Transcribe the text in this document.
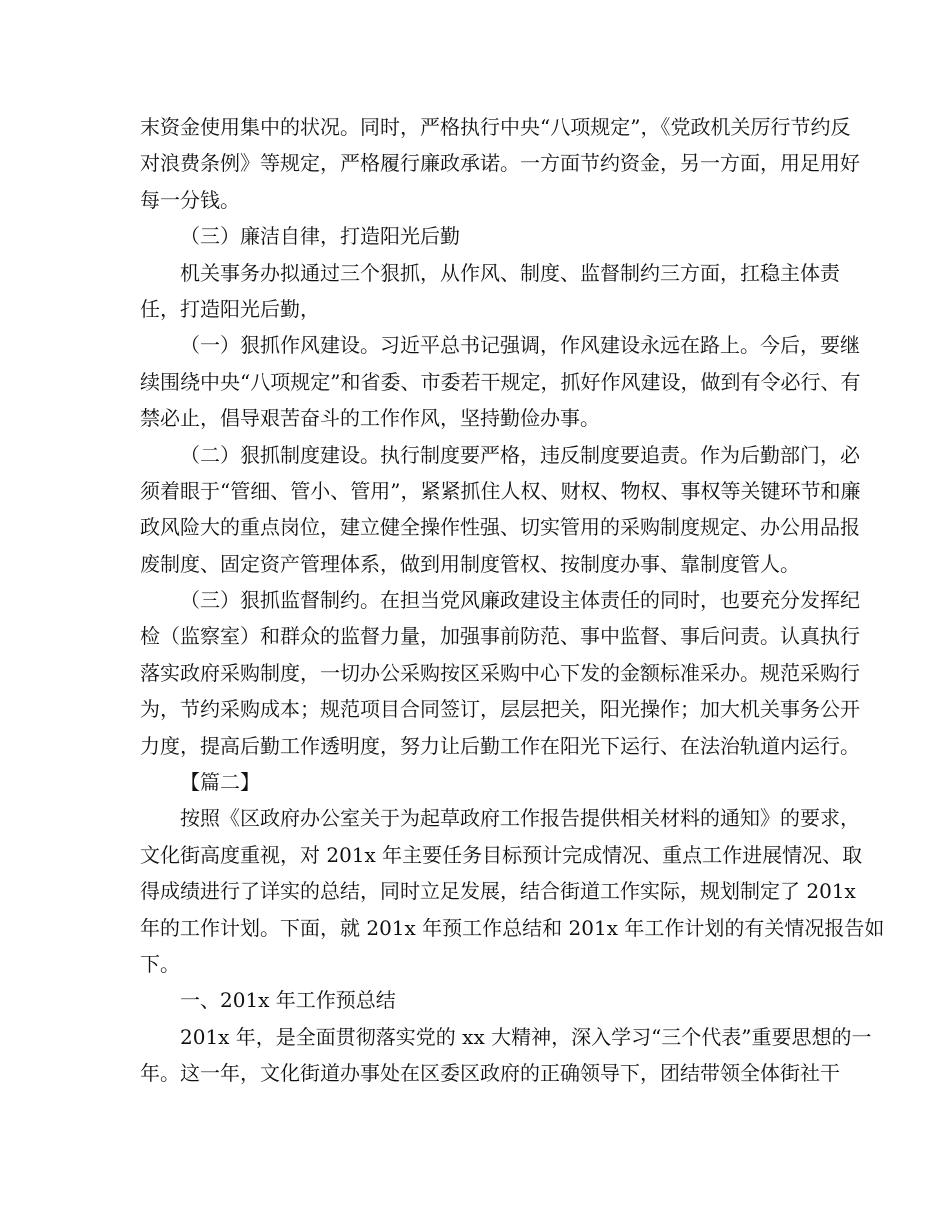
末资金使用集中的状况。同时，严格执行中央“八项规定”，《党政机关厉行节约反
对浪费条例》等规定，严格履行廉政承诺。一方面节约资金，另一方面，用足用好
每一分钱。
（三）廉洁自律，打造阳光后勤
机关事务办拟通过三个狠抓，从作风、制度、监督制约三方面，扛稳主体责
任，打造阳光后勤，
（一）狠抓作风建设。习近平总书记强调，作风建设永远在路上。今后，要继
续围绕中央“八项规定”和省委、市委若干规定，抓好作风建设，做到有令必行、有
禁必止，倡导艰苦奋斗的工作作风，坚持勤俭办事。
（二）狠抓制度建设。执行制度要严格，违反制度要追责。作为后勤部门，必
须着眼于“管细、管小、管用”，紧紧抓住人权、财权、物权、事权等关键环节和廉
政风险大的重点岗位，建立健全操作性强、切实管用的采购制度规定、办公用品报
废制度、固定资产管理体系，做到用制度管权、按制度办事、靠制度管人。
（三）狠抓监督制约。在担当党风廉政建设主体责任的同时，也要充分发挥纪
检（监察室）和群众的监督力量，加强事前防范、事中监督、事后问责。认真执行
落实政府采购制度，一切办公采购按区采购中心下发的金额标准采办。规范采购行
为，节约采购成本；规范项目合同签订，层层把关，阳光操作；加大机关事务公开
力度，提高后勤工作透明度，努力让后勤工作在阳光下运行、在法治轨道内运行。
【篇二】
按照《区政府办公室关于为起草政府工作报告提供相关材料的通知》的要求，
文化街高度重视，对 201x 年主要任务目标预计完成情况、重点工作进展情况、取
得成绩进行了详实的总结，同时立足发展，结合街道工作实际，规划制定了 201x
年的工作计划。下面，就 201x 年预工作总结和 201x 年工作计划的有关情况报告如
下。
一、201x 年工作预总结
201x 年，是全面贯彻落实党的 xx 大精神，深入学习“三个代表”重要思想的一
年。这一年，文化街道办事处在区委区政府的正确领导下，团结带领全体街社干
